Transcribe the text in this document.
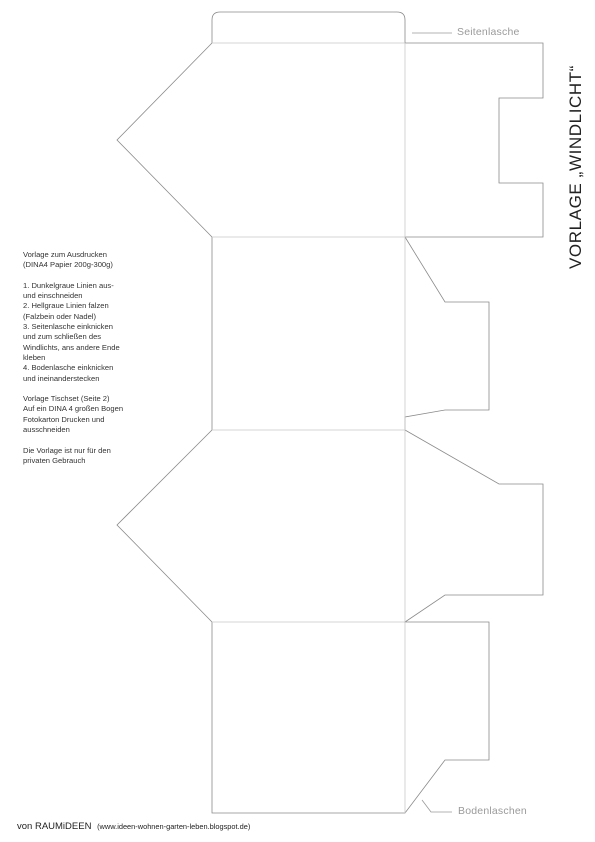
Seitenlasche
Bodenlaschen
VORLAGE „WINDLICHT“

Vorlage zum Ausdrucken
(DINA4 Papier 200g-300g)

1. Dunkelgraue Linien aus-
und einschneiden
2. Hellgraue Linien falzen
(Falzbein oder Nadel)
3. Seitenlasche einknicken
und zum schließen des
Windlichts, ans andere Ende
kleben
4. Bodenlasche einknicken
und ineinanderstecken

Vorlage Tischset (Seite 2)
Auf ein DINA 4 großen Bogen
Fotokarton Drucken und
ausschneiden

Die Vorlage ist nur für den
privaten Gebrauch

von RAUMiDEEN (www.ideen-wohnen-garten-leben.blogspot.de)
